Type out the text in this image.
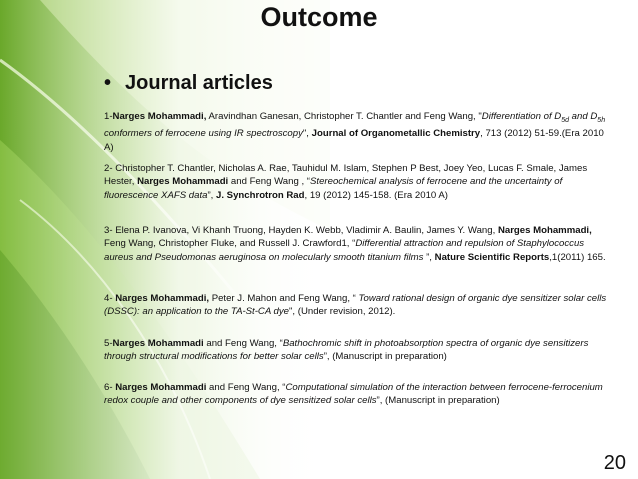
Outcome
• Journal articles
1-Narges Mohammadi, Aravindhan Ganesan, Christopher T. Chantler and Feng Wang, "Differentiation of $D_{5d}$ and $D_{5h}$ conformers of ferrocene using IR spectroscopy", Journal of Organometallic Chemistry, 713 (2012) 51-59.(Era 2010 A)
2- Christopher T. Chantler, Nicholas A. Rae, Tauhidul M. Islam, Stephen P Best, Joey Yeo, Lucas F. Smale, James Hester, Narges Mohammadi and Feng Wang , “Stereochemical analysis of ferrocene and the uncertainty of fluorescence XAFS data”, J. Synchrotron Rad, 19 (2012) 145-158. (Era 2010 A)
3- Elena P. Ivanova, Vi Khanh Truong, Hayden K. Webb, Vladimir A. Baulin, James Y. Wang, Narges Mohammadi, Feng Wang, Christopher Fluke, and Russell J. Crawford1, “Differential attraction and repulsion of Staphylococcus aureus and Pseudomonas aeruginosa on molecularly smooth titanium films ”, Nature Scientific Reports,1(2011) 165.
4- Narges Mohammadi, Peter J. Mahon and Feng Wang, “ Toward rational design of organic dye sensitizer solar cells (DSSC): an application to the TA-St-CA dye", (Under revision, 2012).
5-Narges Mohammadi and Feng Wang, “Bathochromic shift in photoabsorption spectra of organic dye sensitizers through structural modifications for better solar cells”, (Manuscript in preparation)
6- Narges Mohammadi and Feng Wang, “Computational simulation of the interaction between ferrocene-ferrocenium redox couple and other components of dye sensitized solar cells”, (Manuscript in preparation)
20
